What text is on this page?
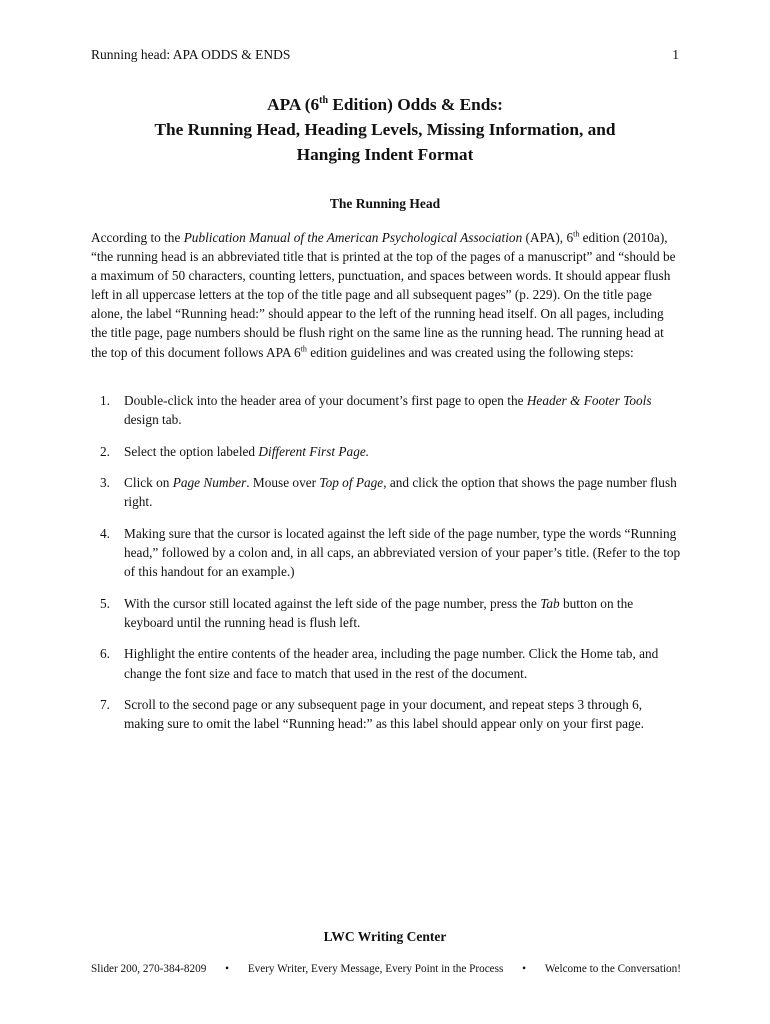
Running head: APA ODDS & ENDS	1
APA (6th Edition) Odds & Ends:
The Running Head, Heading Levels, Missing Information, and
Hanging Indent Format
The Running Head
According to the Publication Manual of the American Psychological Association (APA), 6th edition (2010a), “the running head is an abbreviated title that is printed at the top of the pages of a manuscript” and “should be a maximum of 50 characters, counting letters, punctuation, and spaces between words. It should appear flush left in all uppercase letters at the top of the title page and all subsequent pages” (p. 229). On the title page alone, the label “Running head:” should appear to the left of the running head itself. On all pages, including the title page, page numbers should be flush right on the same line as the running head. The running head at the top of this document follows APA 6th edition guidelines and was created using the following steps:
1. Double-click into the header area of your document’s first page to open the Header & Footer Tools design tab.
2. Select the option labeled Different First Page.
3. Click on Page Number. Mouse over Top of Page, and click the option that shows the page number flush right.
4. Making sure that the cursor is located against the left side of the page number, type the words “Running head,” followed by a colon and, in all caps, an abbreviated version of your paper’s title. (Refer to the top of this handout for an example.)
5. With the cursor still located against the left side of the page number, press the Tab button on the keyboard until the running head is flush left.
6. Highlight the entire contents of the header area, including the page number. Click the Home tab, and change the font size and face to match that used in the rest of the document.
7. Scroll to the second page or any subsequent page in your document, and repeat steps 3 through 6, making sure to omit the label “Running head:” as this label should appear only on your first page.
LWC Writing Center
Slider 200, 270-384-8209 • Every Writer, Every Message, Every Point in the Process • Welcome to the Conversation!
